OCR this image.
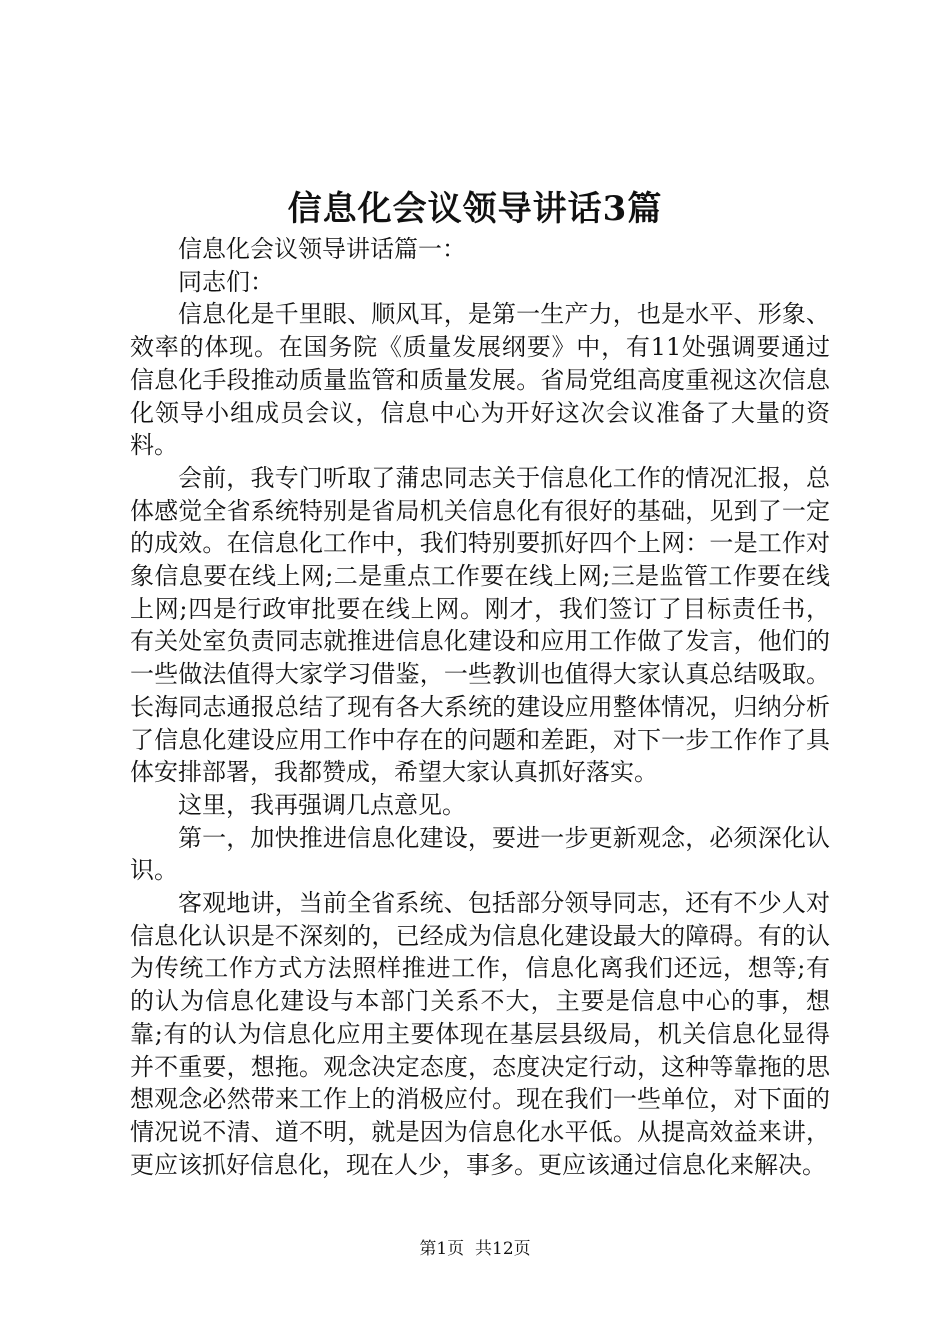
信息化会议领导讲话3篇

信息化会议领导讲话篇一：

同志们：

信息化是千里眼、顺风耳，是第一生产力，也是水平、形象、效率的体现。在国务院《质量发展纲要》中，有11处强调要通过信息化手段推动质量监管和质量发展。省局党组高度重视这次信息化领导小组成员会议，信息中心为开好这次会议准备了大量的资料。

会前，我专门听取了蒲忠同志关于信息化工作的情况汇报，总体感觉全省系统特别是省局机关信息化有很好的基础，见到了一定的成效。在信息化工作中，我们特别要抓好四个上网：一是工作对象信息要在线上网;二是重点工作要在线上网;三是监管工作要在线上网;四是行政审批要在线上网。刚才，我们签订了目标责任书，有关处室负责同志就推进信息化建设和应用工作做了发言，他们的一些做法值得大家学习借鉴，一些教训也值得大家认真总结吸取。长海同志通报总结了现有各大系统的建设应用整体情况，归纳分析了信息化建设应用工作中存在的问题和差距，对下一步工作作了具体安排部署，我都赞成，希望大家认真抓好落实。

这里，我再强调几点意见。

第一，加快推进信息化建设，要进一步更新观念，必须深化认识。

客观地讲，当前全省系统、包括部分领导同志，还有不少人对信息化认识是不深刻的，已经成为信息化建设最大的障碍。有的认为传统工作方式方法照样推进工作，信息化离我们还远，想等;有的认为信息化建设与本部门关系不大，主要是信息中心的事，想靠;有的认为信息化应用主要体现在基层县级局，机关信息化显得并不重要，想拖。观念决定态度，态度决定行动，这种等靠拖的思想观念必然带来工作上的消极应付。现在我们一些单位，对下面的情况说不清、道不明，就是因为信息化水平低。从提高效益来讲，更应该抓好信息化，现在人少，事多。更应该通过信息化来解决。

第1页 共12页
